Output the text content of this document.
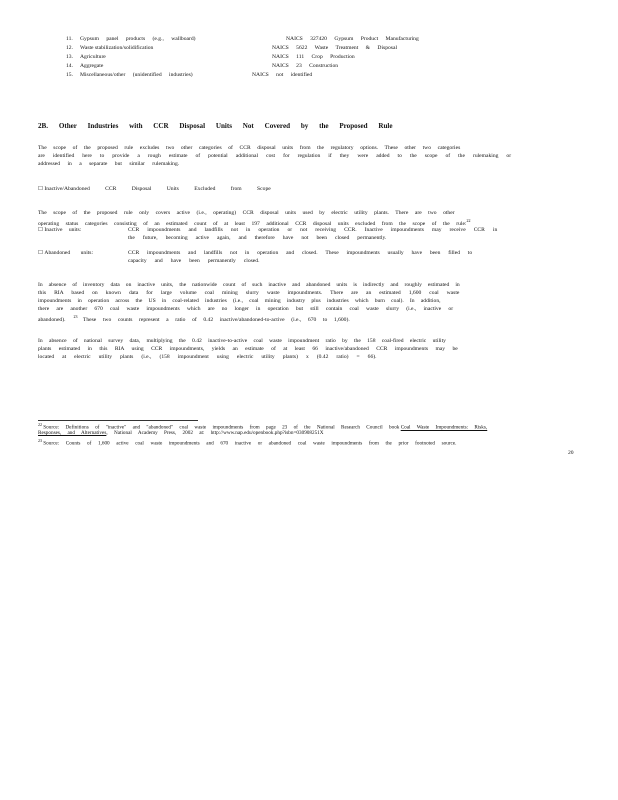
11. Gypsum panel products (e.g., wallboard)	NAICS 327420 Gypsum Product Manufacturing
12. Waste stabilization/solidification	NAICS 5622 Waste Treatment & Disposal
13. Agriculture	NAICS 111 Crop Production
14. Aggregate	NAICS 23 Construction
15. Miscellaneous/other (unidentified industries)	NAICS not identified
2B. Other Industries with CCR Disposal Units Not Covered by the Proposed Rule
The scope of the proposed rule excludes two other categories of CCR disposal units from the regulatory options. These other two categories
are identified here to provide a rough estimate of potential additional cost for regulation if they were added to the scope of the rulemaking or
addressed in a separate but similar rulemaking.
☐ Inactive/Abandoned CCR Disposal Units Excluded from Scope
The scope of the proposed rule only covers active (i.e., operating) CCR disposal units used by electric utility plants. There are two other
operating status categories consisting of an estimated count of at least 197 additional CCR disposal units excluded from the scope of the rule:$^{22}$
☐ Inactive units:	CCR impoundments and landfills not in operation or not receiving CCR. Inactive impoundments may receive CCR in
the future, becoming active again, and therefore have not been closed permanently.
☐ Abandoned units:	CCR impoundments and landfills not in operation and closed. These impoundments usually have been filled to
capacity and have been permanently closed.
In absence of inventory data on inactive units, the nationwide count of such inactive and abandoned units is indirectly and roughly estimated in
this RIA based on known data for large volume coal mining slurry waste impoundments. There are an estimated 1,600 coal waste
impoundments in operation across the US in coal-related industries (i.e., coal mining industry plus industries which burn coal). In addition,
there are another 670 coal waste impoundments which are no longer in operation but still contain coal waste slurry (i.e., inactive or
abandoned).$^{23}$ These two counts represent a ratio of 0.42 inactive/abandoned-to-active (i.e., 670 to 1,600).
In absence of national survey data, multiplying the 0.42 inactive-to-active coal waste impoundment ratio by the 158 coal-fired electric utility
plants estimated in this RIA using CCR impoundments, yields an estimate of at least 66 inactive/abandoned CCR impoundments may be
located at electric utility plants (i.e., (158 impoundment using electric utility plants) x (0.42 ratio) = 66).
$^{22}$ Source: Definitions of "inactive" and "abandoned" coal waste impoundments from page 23 of the National Research Council book Coal Waste Impoundments: Risks,
Responses, and Alternatives, National Academy Press, 2002 at: http://www.nap.edu/openbook.php?isbn=030908251X
$^{23}$ Source: Counts of 1,600 active coal waste impoundments and 670 inactive or abandoned coal waste impoundments from the prior footnoted source.
20
